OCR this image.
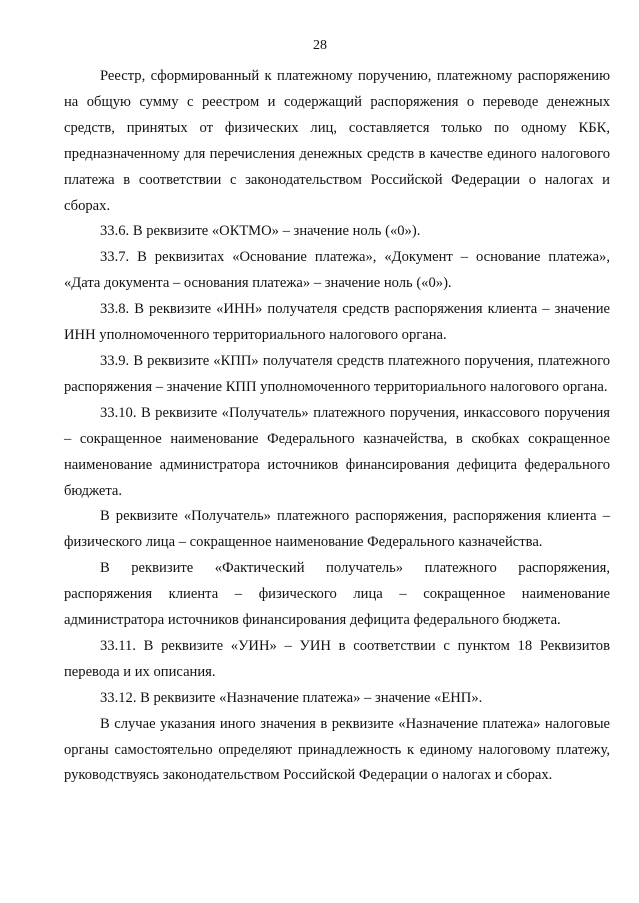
28

Реестр, сформированный к платежному поручению, платежному распоряжению на общую сумму с реестром и содержащий распоряжения о переводе денежных средств, принятых от физических лиц, составляется только по одному КБК, предназначенному для перечисления денежных средств в качестве единого налогового платежа в соответствии с законодательством Российской Федерации о налогах и сборах.

33.6. В реквизите «ОКТМО» – значение ноль («0»).

33.7. В реквизитах «Основание платежа», «Документ – основание платежа», «Дата документа – основания платежа» – значение ноль («0»).

33.8. В реквизите «ИНН» получателя средств распоряжения клиента – значение ИНН уполномоченного территориального налогового органа.

33.9. В реквизите «КПП» получателя средств платежного поручения, платежного распоряжения – значение КПП уполномоченного территориального налогового органа.

33.10. В реквизите «Получатель» платежного поручения, инкассового поручения – сокращенное наименование Федерального казначейства, в скобках сокращенное наименование администратора источников финансирования дефицита федерального бюджета.

В реквизите «Получатель» платежного распоряжения, распоряжения клиента – физического лица – сокращенное наименование Федерального казначейства.

В реквизите «Фактический получатель» платежного распоряжения, распоряжения клиента – физического лица – сокращенное наименование администратора источников финансирования дефицита федерального бюджета.

33.11. В реквизите «УИН» – УИН в соответствии с пунктом 18 Реквизитов перевода и их описания.

33.12. В реквизите «Назначение платежа» – значение «ЕНП».

В случае указания иного значения в реквизите «Назначение платежа» налоговые органы самостоятельно определяют принадлежность к единому налоговому платежу, руководствуясь законодательством Российской Федерации о налогах и сборах.
